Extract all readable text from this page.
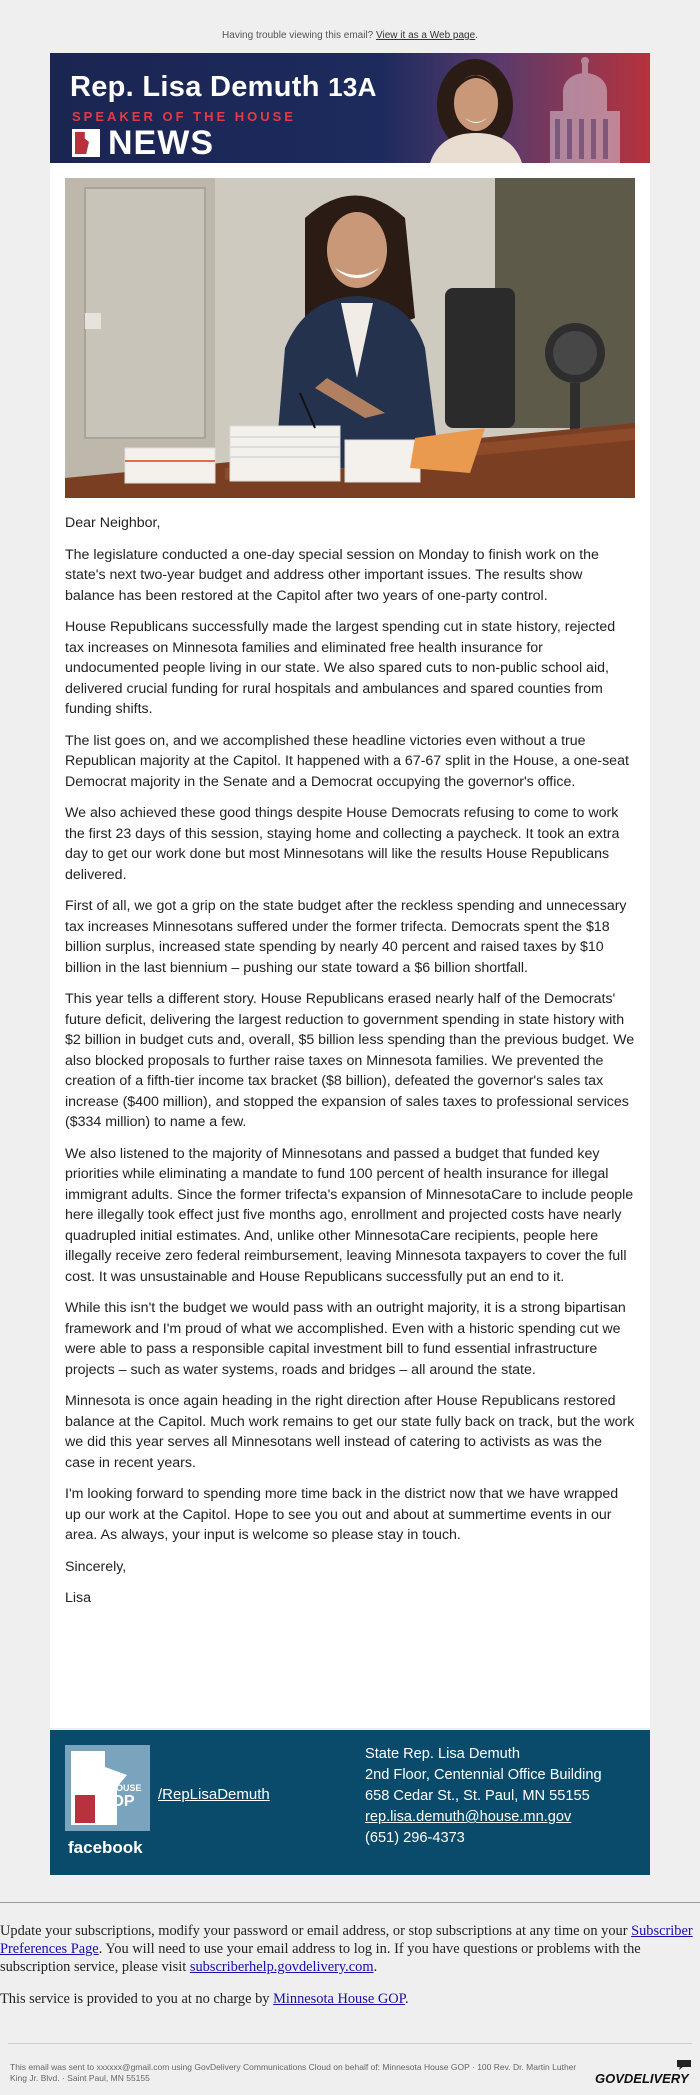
Having trouble viewing this email? View it as a Web page.
Rep. Lisa Demuth 13A
SPEAKER OF THE HOUSE
NEWS

Dear Neighbor,

The legislature conducted a one-day special session on Monday to finish work on the state's next two-year budget and address other important issues. The results show balance has been restored at the Capitol after two years of one-party control.

House Republicans successfully made the largest spending cut in state history, rejected tax increases on Minnesota families and eliminated free health insurance for undocumented people living in our state. We also spared cuts to non-public school aid, delivered crucial funding for rural hospitals and ambulances and spared counties from funding shifts.

The list goes on, and we accomplished these headline victories even without a true Republican majority at the Capitol. It happened with a 67-67 split in the House, a one-seat Democrat majority in the Senate and a Democrat occupying the governor's office.

We also achieved these good things despite House Democrats refusing to come to work the first 23 days of this session, staying home and collecting a paycheck. It took an extra day to get our work done but most Minnesotans will like the results House Republicans delivered.

First of all, we got a grip on the state budget after the reckless spending and unnecessary tax increases Minnesotans suffered under the former trifecta. Democrats spent the $18 billion surplus, increased state spending by nearly 40 percent and raised taxes by $10 billion in the last biennium – pushing our state toward a $6 billion shortfall.

This year tells a different story. House Republicans erased nearly half of the Democrats' future deficit, delivering the largest reduction to government spending in state history with $2 billion in budget cuts and, overall, $5 billion less spending than the previous budget. We also blocked proposals to further raise taxes on Minnesota families. We prevented the creation of a fifth-tier income tax bracket ($8 billion), defeated the governor's sales tax increase ($400 million), and stopped the expansion of sales taxes to professional services ($334 million) to name a few.

We also listened to the majority of Minnesotans and passed a budget that funded key priorities while eliminating a mandate to fund 100 percent of health insurance for illegal immigrant adults. Since the former trifecta's expansion of MinnesotaCare to include people here illegally took effect just five months ago, enrollment and projected costs have nearly quadrupled initial estimates. And, unlike other MinnesotaCare recipients, people here illegally receive zero federal reimbursement, leaving Minnesota taxpayers to cover the full cost. It was unsustainable and House Republicans successfully put an end to it.

While this isn't the budget we would pass with an outright majority, it is a strong bipartisan framework and I'm proud of what we accomplished. Even with a historic spending cut we were able to pass a responsible capital investment bill to fund essential infrastructure projects – such as water systems, roads and bridges – all around the state.

Minnesota is once again heading in the right direction after House Republicans restored balance at the Capitol. Much work remains to get our state fully back on track, but the work we did this year serves all Minnesotans well instead of catering to activists as was the case in recent years.

I'm looking forward to spending more time back in the district now that we have wrapped up our work at the Capitol. Hope to see you out and about at summertime events in our area. As always, your input is welcome so please stay in touch.

Sincerely,

Lisa

MN HOUSE
GOP
facebook
/RepLisaDemuth
State Rep. Lisa Demuth
2nd Floor, Centennial Office Building
658 Cedar St., St. Paul, MN 55155
rep.lisa.demuth@house.mn.gov
(651) 296-4373
Update your subscriptions, modify your password or email address, or stop subscriptions at any time on your Subscriber Preferences Page. You will need to use your email address to log in. If you have questions or problems with the subscription service, please visit subscriberhelp.govdelivery.com.
This service is provided to you at no charge by Minnesota House GOP.
This email was sent to xxxxxx@gmail.com using GovDelivery Communications Cloud on behalf of: Minnesota House GOP · 100 Rev. Dr. Martin Luther King Jr. Blvd. · Saint Paul, MN 55155	GOVDELIVERY
